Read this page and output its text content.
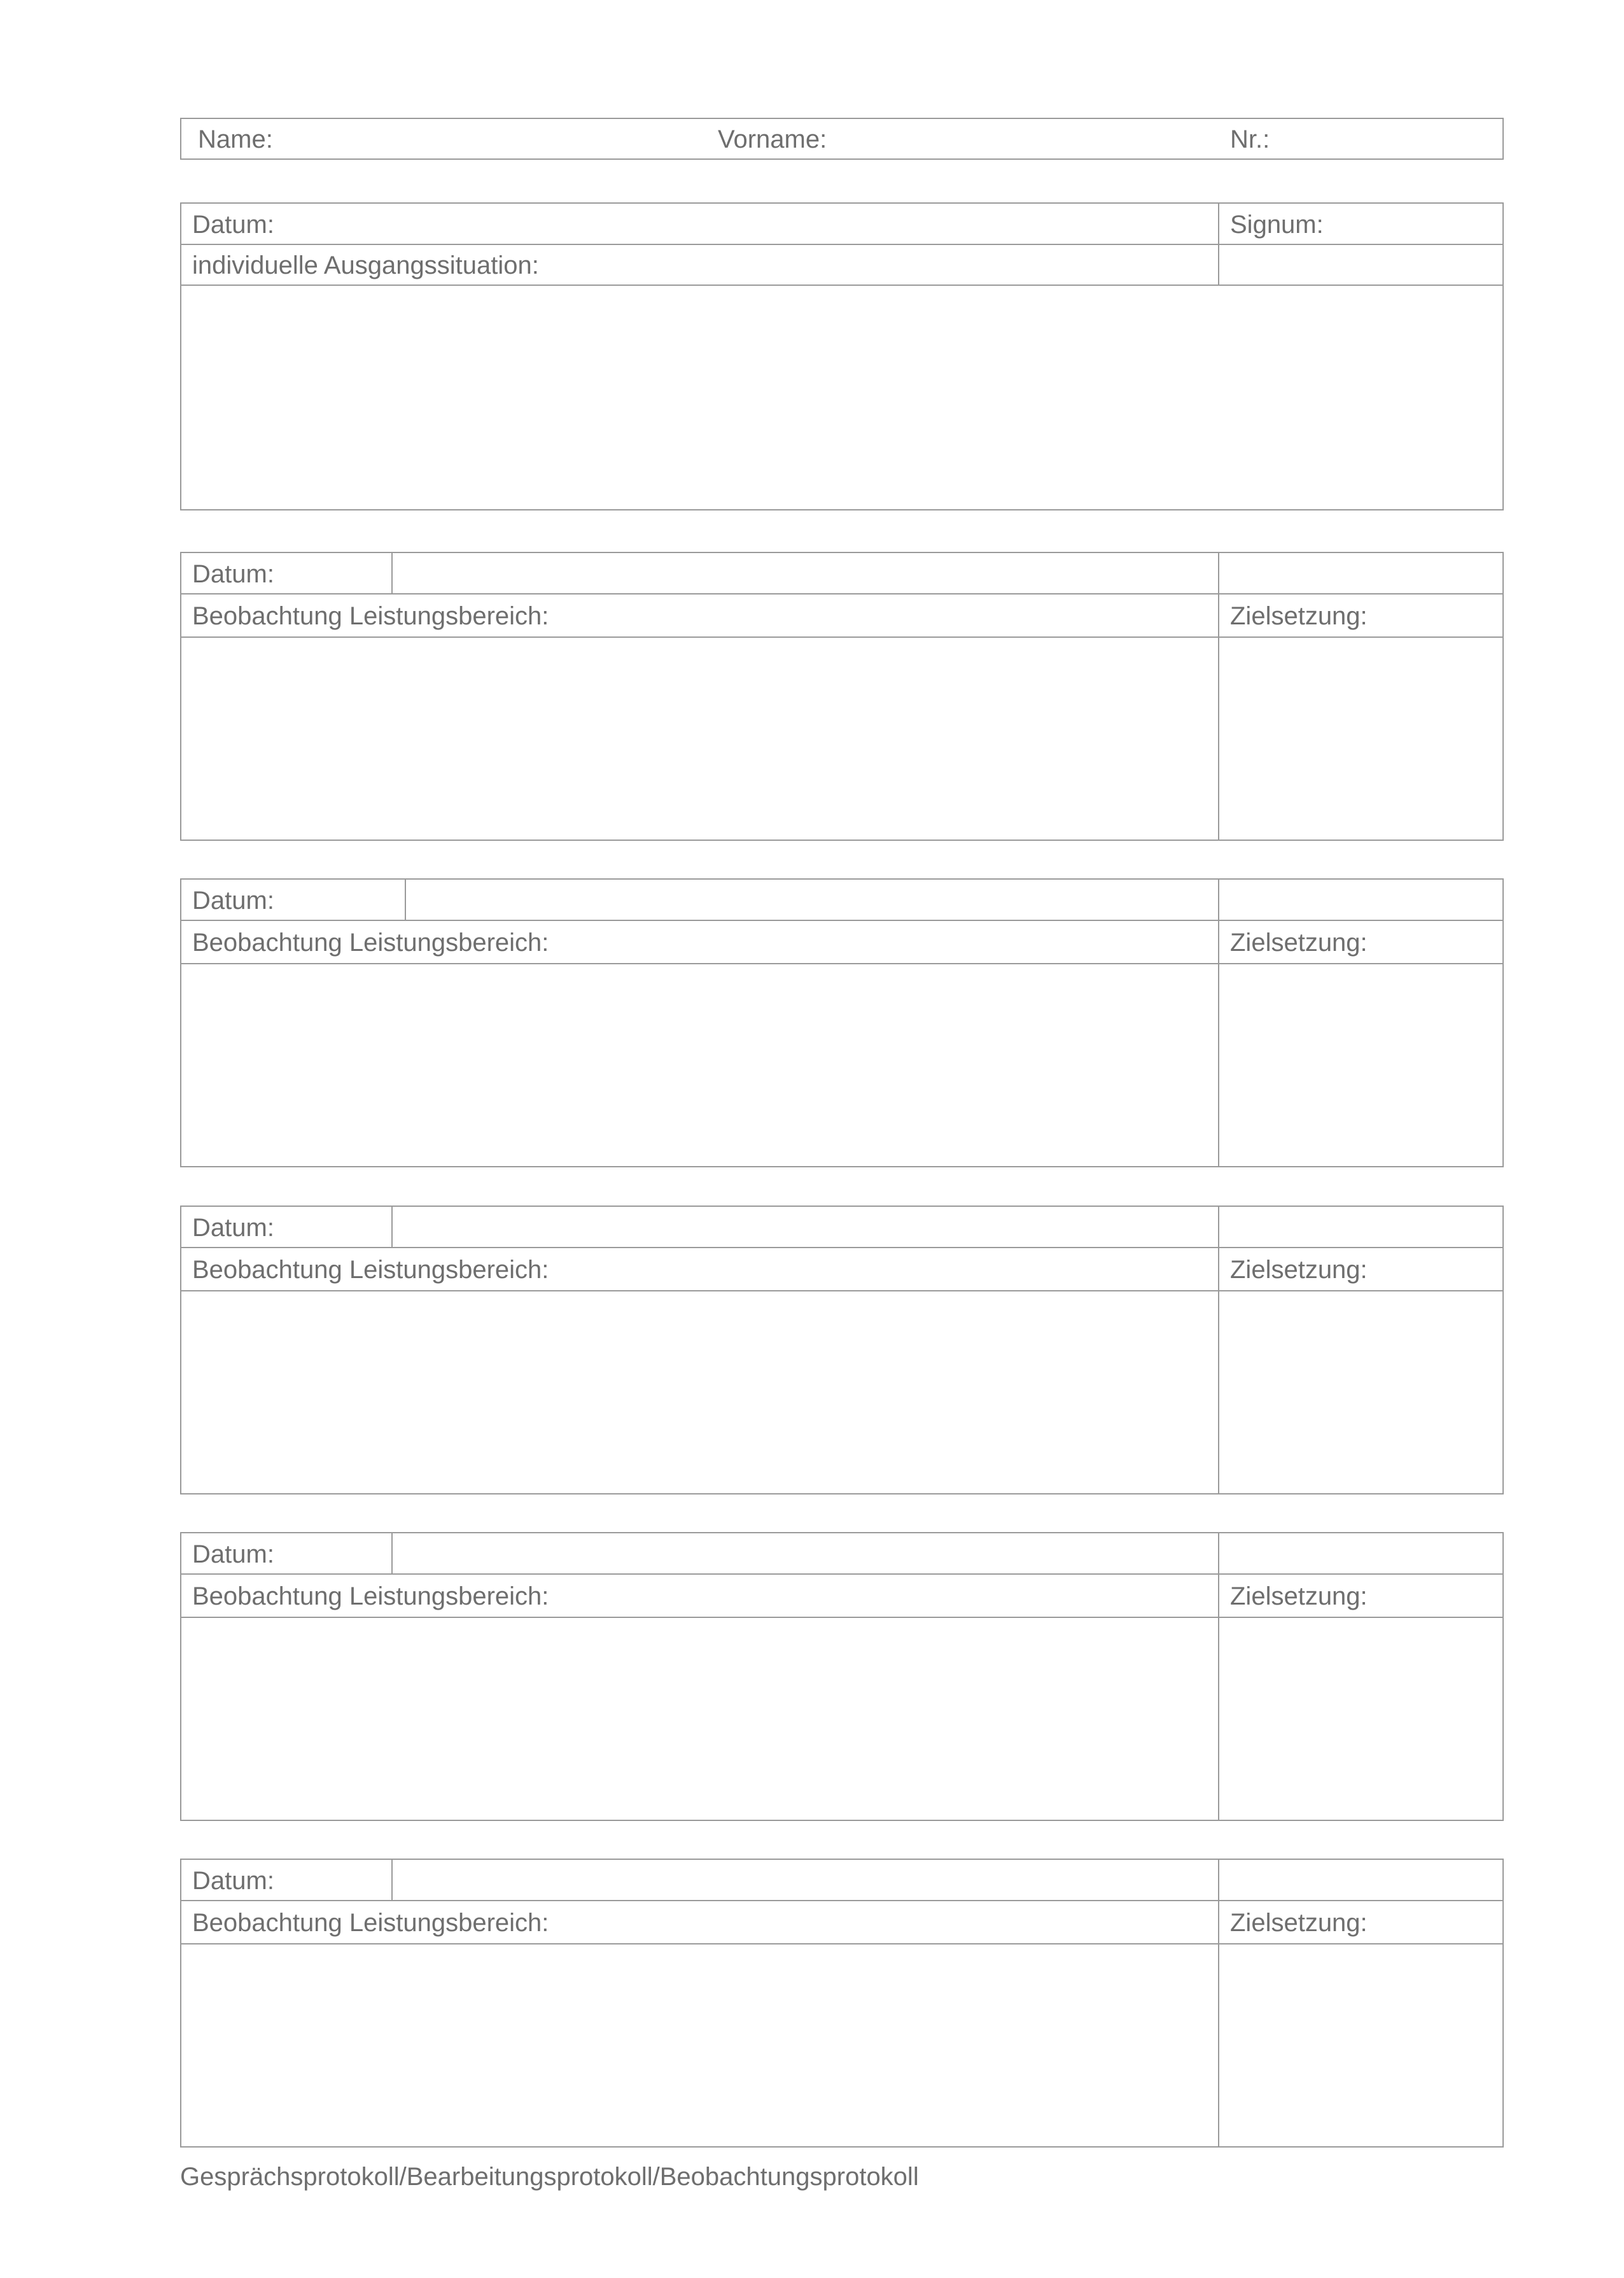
Name:	Vorname:	Nr.:
Datum:	Signum:
individuelle Ausgangssituation:
Datum:
Beobachtung Leistungsbereich:	Zielsetzung:
Datum:
Beobachtung Leistungsbereich:	Zielsetzung:
Datum:
Beobachtung Leistungsbereich:	Zielsetzung:
Datum:
Beobachtung Leistungsbereich:	Zielsetzung:
Datum:
Beobachtung Leistungsbereich:	Zielsetzung:
Gesprächsprotokoll/Bearbeitungsprotokoll/Beobachtungsprotokoll
